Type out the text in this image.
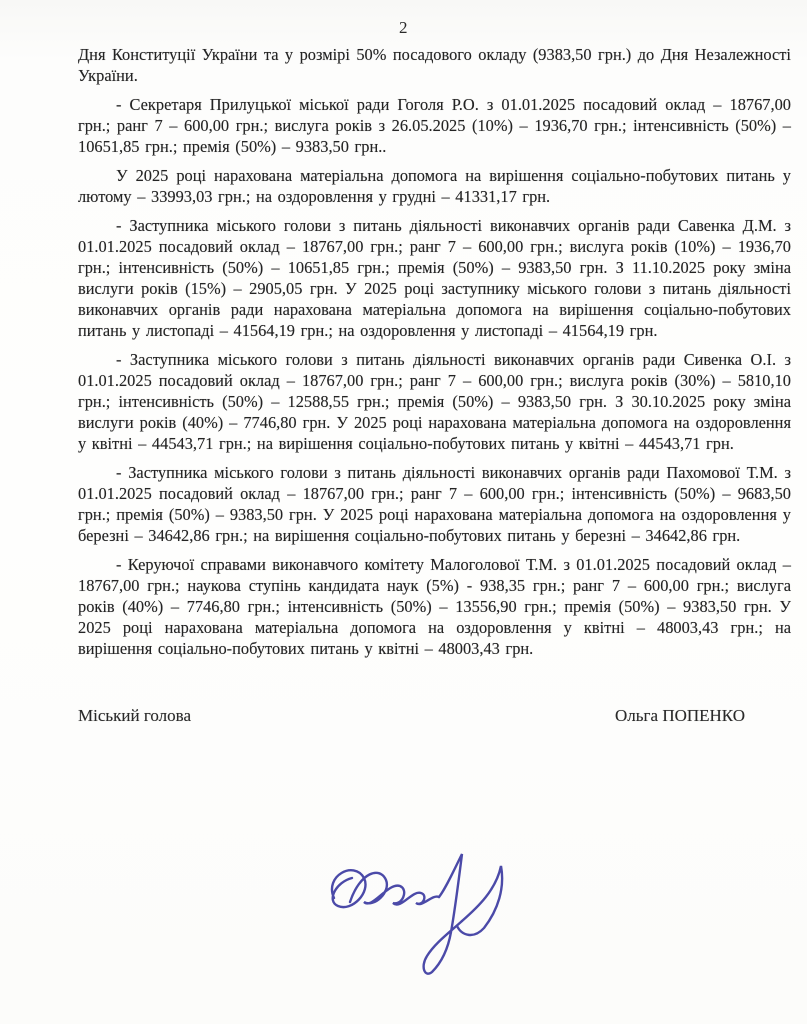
2

Дня Конституції України та у розмірі 50% посадового окладу (9383,50 грн.) до Дня Незалежності України.

- Секретаря Прилуцької міської ради Гоголя Р.О. з 01.01.2025 посадовий оклад – 18767,00 грн.; ранг 7 – 600,00 грн.; вислуга років з 26.05.2025 (10%) – 1936,70 грн.; інтенсивність (50%) – 10651,85 грн.; премія (50%) – 9383,50 грн..

У 2025 році нарахована матеріальна допомога на вирішення соціально-побутових питань у лютому – 33993,03 грн.; на оздоровлення у грудні – 41331,17 грн.

- Заступника міського голови з питань діяльності виконавчих органів ради Савенка Д.М. з 01.01.2025 посадовий оклад – 18767,00 грн.; ранг 7 – 600,00 грн.; вислуга років (10%) – 1936,70 грн.; інтенсивність (50%) – 10651,85 грн.; премія (50%) – 9383,50 грн. З 11.10.2025 року зміна вислуги років (15%) – 2905,05 грн. У 2025 році заступнику міського голови з питань діяльності виконавчих органів ради нарахована матеріальна допомога на вирішення соціально-побутових питань у листопаді – 41564,19 грн.; на оздоровлення у листопаді – 41564,19 грн.

- Заступника міського голови з питань діяльності виконавчих органів ради Сивенка О.І. з 01.01.2025 посадовий оклад – 18767,00 грн.; ранг 7 – 600,00 грн.; вислуга років (30%) – 5810,10 грн.; інтенсивність (50%) – 12588,55 грн.; премія (50%) – 9383,50 грн. З 30.10.2025 року зміна вислуги років (40%) – 7746,80 грн. У 2025 році нарахована матеріальна допомога на оздоровлення у квітні – 44543,71 грн.; на вирішення соціально-побутових питань у квітні – 44543,71 грн.

- Заступника міського голови з питань діяльності виконавчих органів ради Пахомової Т.М. з 01.01.2025 посадовий оклад – 18767,00 грн.; ранг 7 – 600,00 грн.; інтенсивність (50%) – 9683,50 грн.; премія (50%) – 9383,50 грн. У 2025 році нарахована матеріальна допомога на оздоровлення у березні – 34642,86 грн.; на вирішення соціально-побутових питань у березні – 34642,86 грн.

- Керуючої справами виконавчого комітету Малоголової Т.М. з 01.01.2025 посадовий оклад – 18767,00 грн.; наукова ступінь кандидата наук (5%) - 938,35 грн.; ранг 7 – 600,00 грн.; вислуга років (40%) – 7746,80 грн.; інтенсивність (50%) – 13556,90 грн.; премія (50%) – 9383,50 грн. У 2025 році нарахована матеріальна допомога на оздоровлення у квітні – 48003,43 грн.; на вирішення соціально-побутових питань у квітні – 48003,43 грн.

Міський голова	Ольга ПОПЕНКО
